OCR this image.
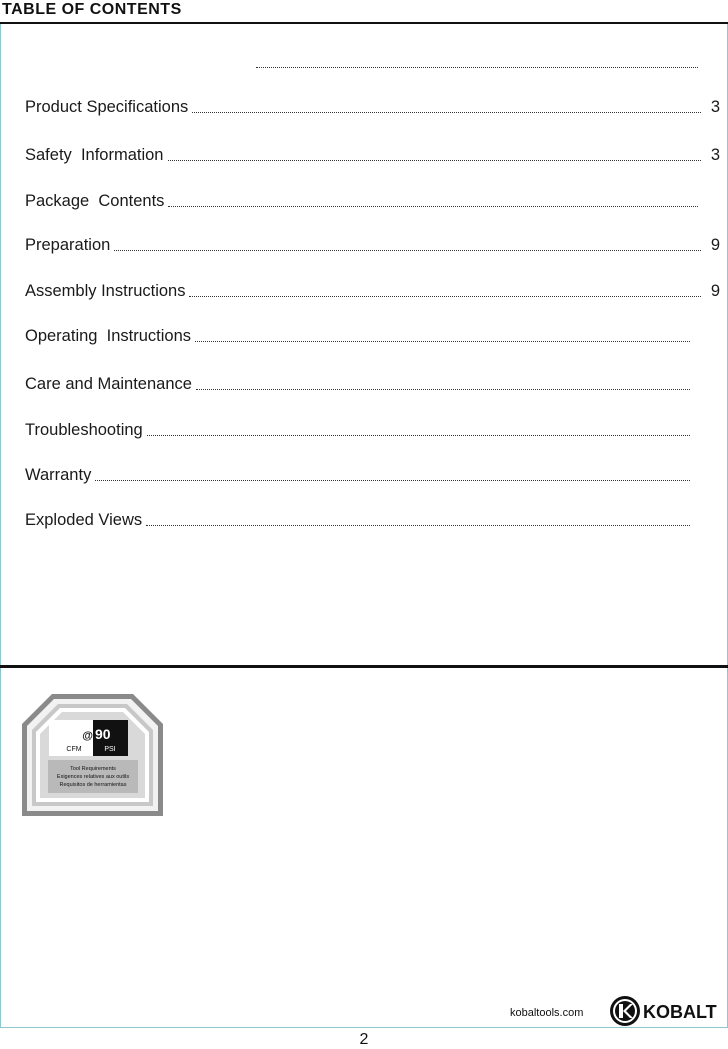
TABLE OF CONTENTS
Product Specifications	3
Safety  Information	3
Package  Contents
Preparation	9
Assembly Instructions	9
Operating  Instructions
Care and Maintenance
Troubleshooting
Warranty
Exploded Views
@ 90
CFM	PSI
Tool Requirements
Exigences relatives aux outils
Requisitos de herramientas
kobaltools.com	KOBALT
2
